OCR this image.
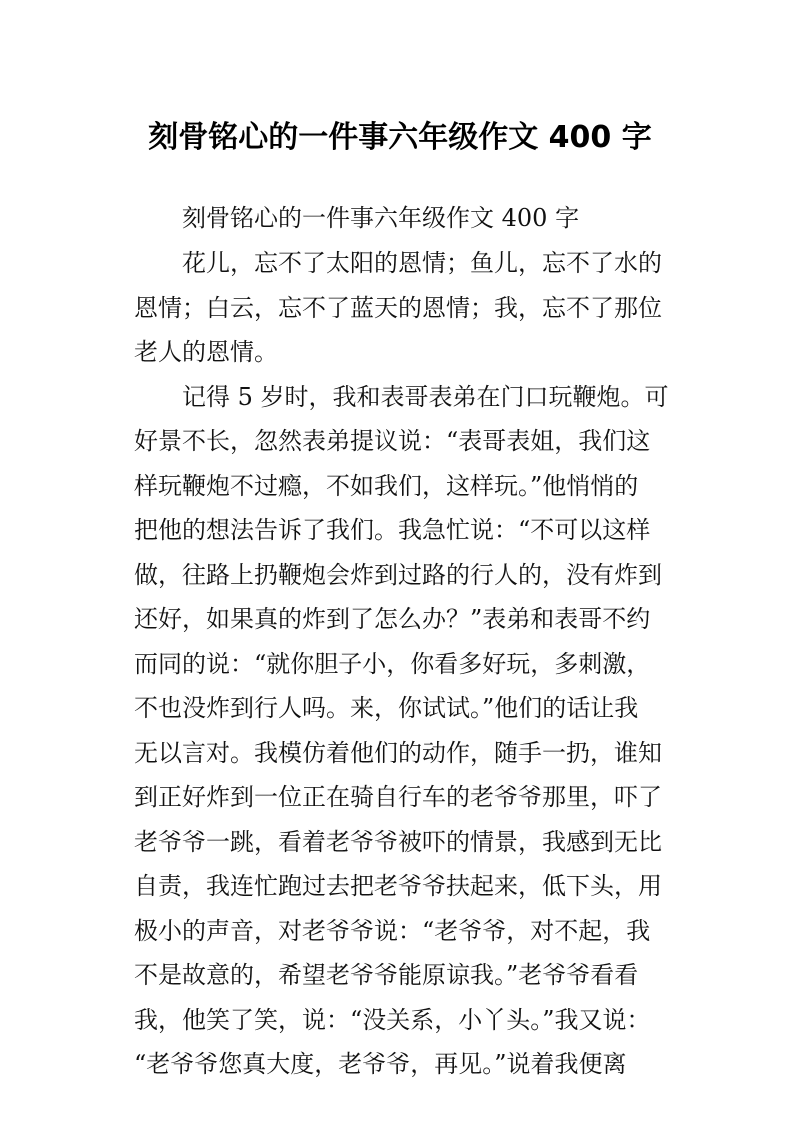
刻骨铭心的一件事六年级作文 400 字
刻骨铭心的一件事六年级作文 400 字
花儿，忘不了太阳的恩情；鱼儿，忘不了水的
恩情；白云，忘不了蓝天的恩情；我，忘不了那位
老人的恩情。
记得 5 岁时，我和表哥表弟在门口玩鞭炮。可
好景不长，忽然表弟提议说：“表哥表姐，我们这
样玩鞭炮不过瘾，不如我们，这样玩。”他悄悄的
把他的想法告诉了我们。我急忙说：“不可以这样
做，往路上扔鞭炮会炸到过路的行人的，没有炸到
还好，如果真的炸到了怎么办？”表弟和表哥不约
而同的说：“就你胆子小，你看多好玩，多刺激，
不也没炸到行人吗。来，你试试。”他们的话让我
无以言对。我模仿着他们的动作，随手一扔，谁知
到正好炸到一位正在骑自行车的老爷爷那里，吓了
老爷爷一跳，看着老爷爷被吓的情景，我感到无比
自责，我连忙跑过去把老爷爷扶起来，低下头，用
极小的声音，对老爷爷说：“老爷爷，对不起，我
不是故意的，希望老爷爷能原谅我。”老爷爷看看
我，他笑了笑，说：“没关系，小丫头。”我又说：
“老爷爷您真大度，老爷爷，再见。”说着我便离
